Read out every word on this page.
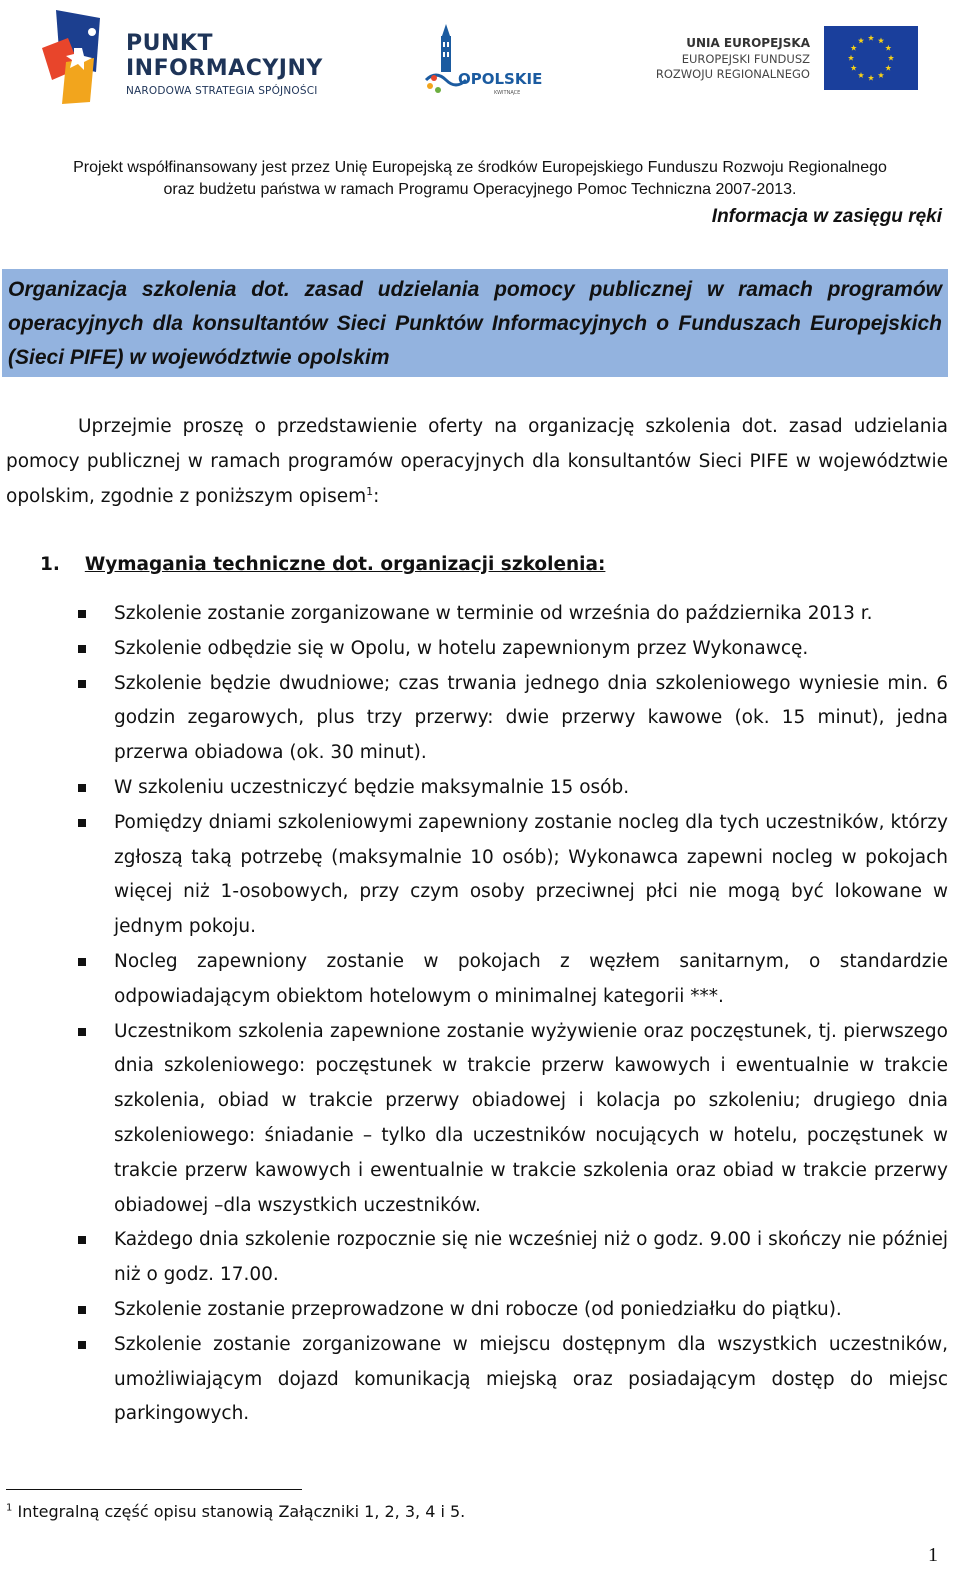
PUNKT
INFORMACYJNY
NARODOWA STRATEGIA SPÓJNOŚCI
OPOLSKIE
KWITNĄCE
UNIA EUROPEJSKA
EUROPEJSKI FUNDUSZ
ROZWOJU REGIONALNEGO
Projekt współfinansowany jest przez Unię Europejską ze środków Europejskiego Funduszu Rozwoju Regionalnego
oraz budżetu państwa w ramach Programu Operacyjnego Pomoc Techniczna 2007-2013.
Informacja w zasięgu ręki

Organizacja szkolenia dot. zasad udzielania pomocy publicznej w ramach programów operacyjnych dla konsultantów Sieci Punktów Informacyjnych o Funduszach Europejskich (Sieci PIFE) w województwie opolskim

Uprzejmie proszę o przedstawienie oferty na organizację szkolenia dot. zasad udzielania pomocy publicznej w ramach programów operacyjnych dla konsultantów Sieci PIFE w województwie opolskim, zgodnie z poniższym opisem$^1$:

1. Wymagania techniczne dot. organizacji szkolenia:
Szkolenie zostanie zorganizowane w terminie od września do października 2013 r.
Szkolenie odbędzie się w Opolu, w hotelu zapewnionym przez Wykonawcę.
Szkolenie będzie dwudniowe; czas trwania jednego dnia szkoleniowego wyniesie min. 6 godzin zegarowych, plus trzy przerwy: dwie przerwy kawowe (ok. 15 minut), jedna przerwa obiadowa (ok. 30 minut).
W szkoleniu uczestniczyć będzie maksymalnie 15 osób.
Pomiędzy dniami szkoleniowymi zapewniony zostanie nocleg dla tych uczestników, którzy zgłoszą taką potrzebę (maksymalnie 10 osób); Wykonawca zapewni nocleg w pokojach więcej niż 1-osobowych, przy czym osoby przeciwnej płci nie mogą być lokowane w jednym pokoju.
Nocleg zapewniony zostanie w pokojach z węzłem sanitarnym, o standardzie odpowiadającym obiektom hotelowym o minimalnej kategorii ***.
Uczestnikom szkolenia zapewnione zostanie wyżywienie oraz poczęstunek, tj. pierwszego dnia szkoleniowego: poczęstunek w trakcie przerw kawowych i ewentualnie w trakcie szkolenia, obiad w trakcie przerwy obiadowej i kolacja po szkoleniu; drugiego dnia szkoleniowego: śniadanie – tylko dla uczestników nocujących w hotelu, poczęstunek w trakcie przerw kawowych i ewentualnie w trakcie szkolenia oraz obiad w trakcie przerwy obiadowej –dla wszystkich uczestników.
Każdego dnia szkolenie rozpocznie się nie wcześniej niż o godz. 9.00 i skończy nie później niż o godz. 17.00.
Szkolenie zostanie przeprowadzone w dni robocze (od poniedziałku do piątku).
Szkolenie zostanie zorganizowane w miejscu dostępnym dla wszystkich uczestników, umożliwiającym dojazd komunikacją miejską oraz posiadającym dostęp do miejsc parkingowych.
$^1$ Integralną część opisu stanowią Załączniki 1, 2, 3, 4 i 5.
1
